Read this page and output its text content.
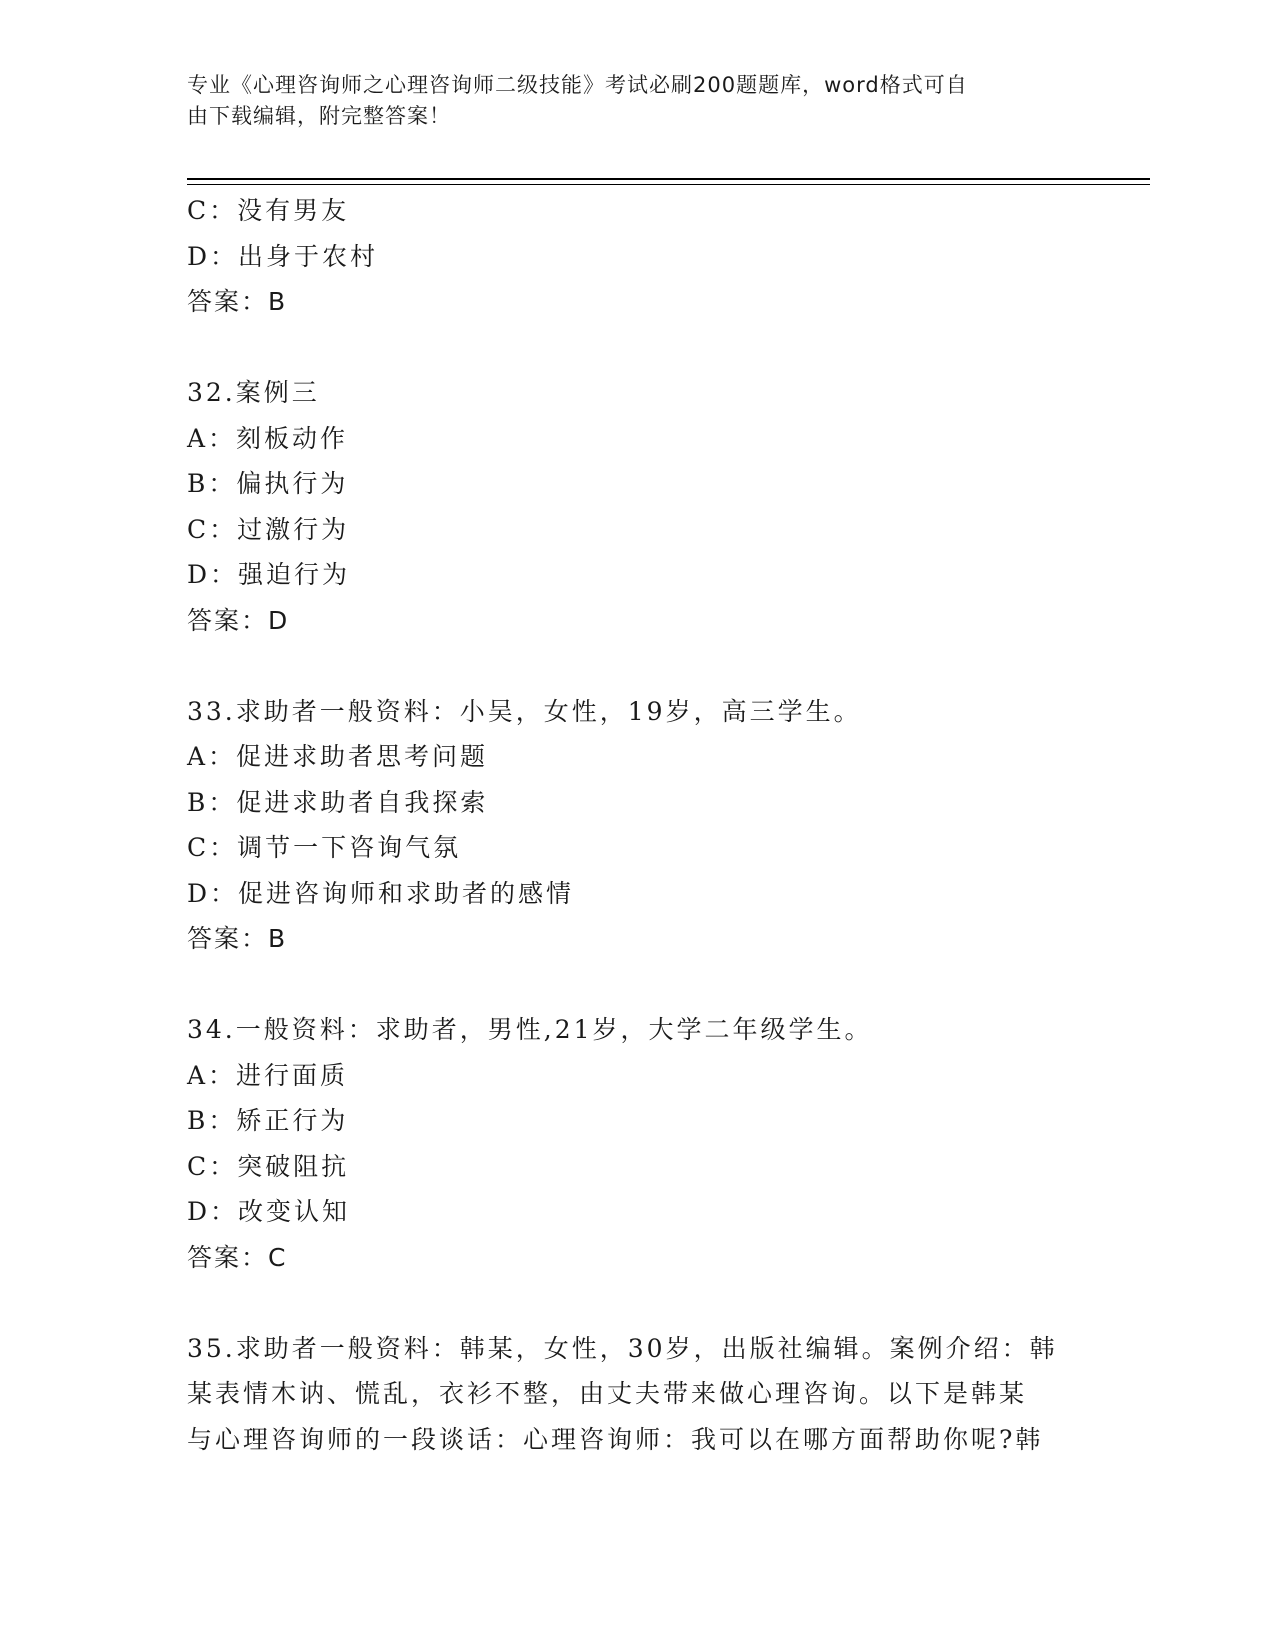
专业《心理咨询师之心理咨询师二级技能》考试必刷200题题库，word格式可自
由下载编辑，附完整答案！
C：没有男友
D：出身于农村
答案：B
32.案例三
A：刻板动作
B：偏执行为
C：过激行为
D：强迫行为
答案：D
33.求助者一般资料：小吴，女性，19岁，高三学生。
A：促进求助者思考问题
B：促进求助者自我探索
C：调节一下咨询气氛
D：促进咨询师和求助者的感情
答案：B
34.一般资料：求助者，男性,21岁，大学二年级学生。
A：进行面质
B：矫正行为
C：突破阻抗
D：改变认知
答案：C
35.求助者一般资料：韩某，女性，30岁，出版社编辑。案例介绍：韩
某表情木讷、慌乱，衣衫不整，由丈夫带来做心理咨询。以下是韩某
与心理咨询师的一段谈话：心理咨询师：我可以在哪方面帮助你呢?韩
